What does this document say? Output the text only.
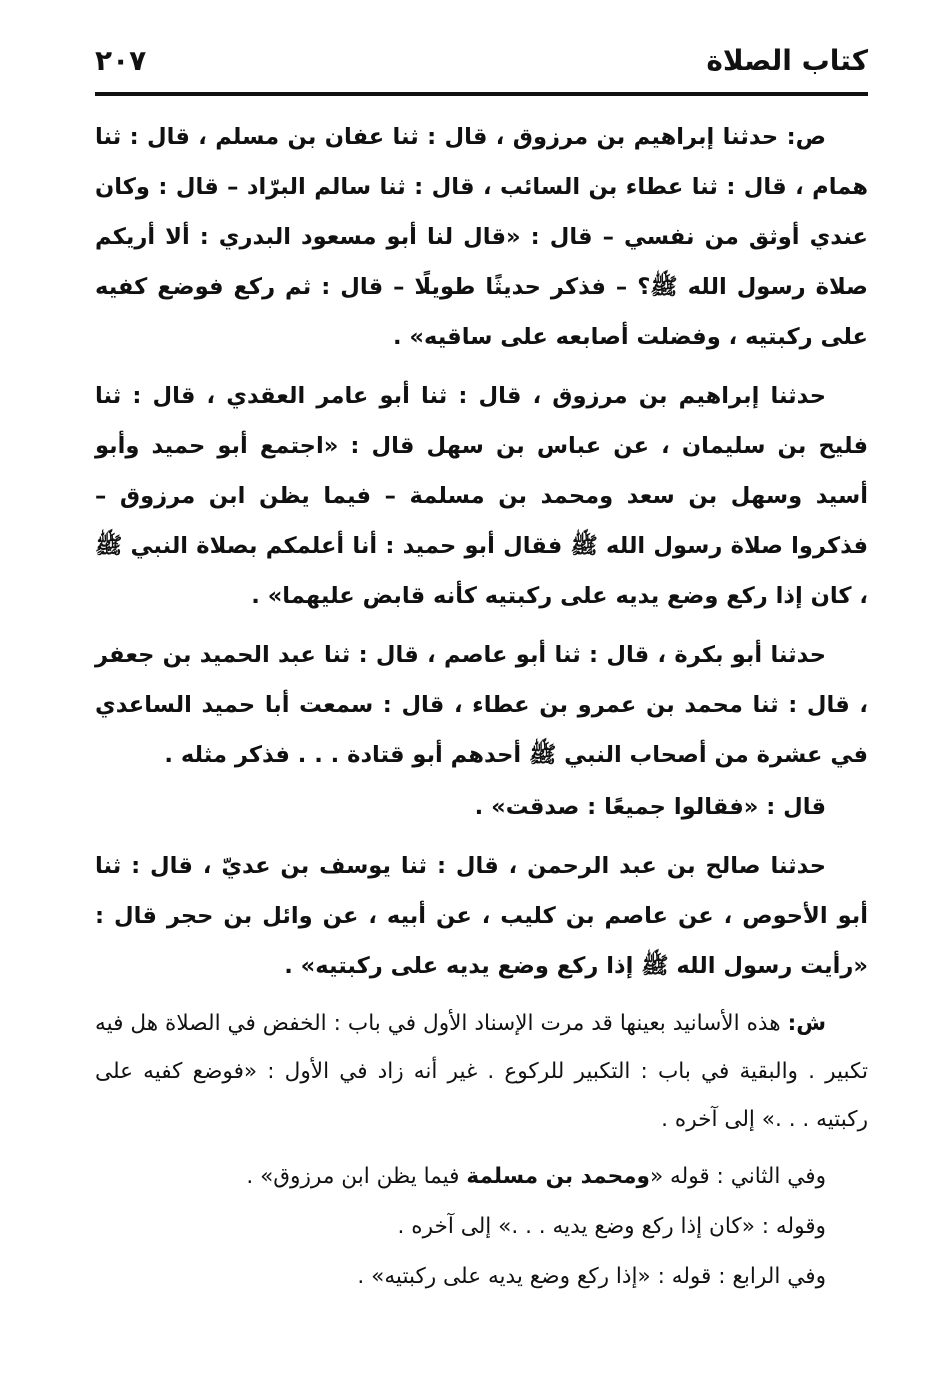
كتاب الصلاة
٢٠٧

ص: حدثنا إبراهيم بن مرزوق ، قال : ثنا عفان بن مسلم ، قال : ثنا همام ، قال : ثنا عطاء بن السائب ، قال : ثنا سالم البرّاد – قال : وكان عندي أوثق من نفسي – قال : «قال لنا أبو مسعود البدري : ألا أريكم صلاة رسول الله ﷺ؟ – فذكر حديثًا طويلًا – قال : ثم ركع فوضع كفيه على ركبتيه ، وفضلت أصابعه على ساقيه» .

حدثنا إبراهيم بن مرزوق ، قال : ثنا أبو عامر العقدي ، قال : ثنا فليح بن سليمان ، عن عباس بن سهل قال : «اجتمع أبو حميد وأبو أسيد وسهل بن سعد ومحمد بن مسلمة – فيما يظن ابن مرزوق – فذكروا صلاة رسول الله ﷺ فقال أبو حميد : أنا أعلمكم بصلاة النبي ﷺ ، كان إذا ركع وضع يديه على ركبتيه كأنه قابض عليهما» .

حدثنا أبو بكرة ، قال : ثنا أبو عاصم ، قال : ثنا عبد الحميد بن جعفر ، قال : ثنا محمد بن عمرو بن عطاء ، قال : سمعت أبا حميد الساعدي في عشرة من أصحاب النبي ﷺ أحدهم أبو قتادة . . . فذكر مثله .

قال : «فقالوا جميعًا : صدقت» .

حدثنا صالح بن عبد الرحمن ، قال : ثنا يوسف بن عديّ ، قال : ثنا أبو الأحوص ، عن عاصم بن كليب ، عن أبيه ، عن وائل بن حجر قال : «رأيت رسول الله ﷺ إذا ركع وضع يديه على ركبتيه» .

ش: هذه الأسانيد بعينها قد مرت الإسناد الأول في باب : الخفض في الصلاة هل فيه تكبير . والبقية في باب : التكبير للركوع . غير أنه زاد في الأول : «فوضع كفيه على ركبتيه . . .» إلى آخره .

وفي الثاني : قوله «ومحمد بن مسلمة فيما يظن ابن مرزوق» .

وقوله : «كان إذا ركع وضع يديه . . .» إلى آخره .

وفي الرابع : قوله : «إذا ركع وضع يديه على ركبتيه» .
